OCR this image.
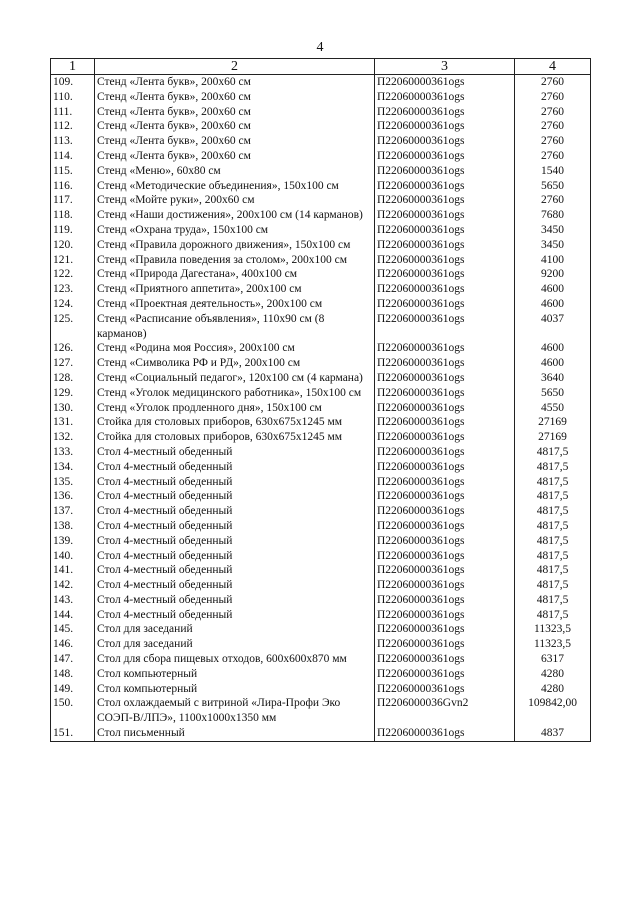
4
1	2	3	4
109.	Стенд «Лента букв», 200х60 см	П22060000361ogs	2760
110.	Стенд «Лента букв», 200х60 см	П22060000361ogs	2760
111.	Стенд «Лента букв», 200х60 см	П22060000361ogs	2760
112.	Стенд «Лента букв», 200х60 см	П22060000361ogs	2760
113.	Стенд «Лента букв», 200х60 см	П22060000361ogs	2760
114.	Стенд «Лента букв», 200х60 см	П22060000361ogs	2760
115.	Стенд «Меню», 60х80 см	П22060000361ogs	1540
116.	Стенд «Методические объединения», 150х100 см	П22060000361ogs	5650
117.	Стенд «Мойте руки», 200х60 см	П22060000361ogs	2760
118.	Стенд «Наши достижения», 200х100 см (14 карманов)	П22060000361ogs	7680
119.	Стенд «Охрана труда», 150х100 см	П22060000361ogs	3450
120.	Стенд «Правила дорожного движения», 150х100 см	П22060000361ogs	3450
121.	Стенд «Правила поведения за столом», 200х100 см	П22060000361ogs	4100
122.	Стенд «Природа Дагестана», 400х100 см	П22060000361ogs	9200
123.	Стенд «Приятного аппетита», 200х100 см	П22060000361ogs	4600
124.	Стенд «Проектная деятельность», 200х100 см	П22060000361ogs	4600
125.	Стенд «Расписание объявления», 110х90 см (8 карманов)	П22060000361ogs	4037
126.	Стенд «Родина моя Россия», 200х100 см	П22060000361ogs	4600
127.	Стенд «Символика РФ и РД», 200х100 см	П22060000361ogs	4600
128.	Стенд «Социальный педагог», 120х100 см (4 кармана)	П22060000361ogs	3640
129.	Стенд «Уголок медицинского работника», 150х100 см	П22060000361ogs	5650
130.	Стенд «Уголок продленного дня», 150х100 см	П22060000361ogs	4550
131.	Стойка для столовых приборов, 630х675х1245 мм	П22060000361ogs	27169
132.	Стойка для столовых приборов, 630х675х1245 мм	П22060000361ogs	27169
133.	Стол 4-местный обеденный	П22060000361ogs	4817,5
134.	Стол 4-местный обеденный	П22060000361ogs	4817,5
135.	Стол 4-местный обеденный	П22060000361ogs	4817,5
136.	Стол 4-местный обеденный	П22060000361ogs	4817,5
137.	Стол 4-местный обеденный	П22060000361ogs	4817,5
138.	Стол 4-местный обеденный	П22060000361ogs	4817,5
139.	Стол 4-местный обеденный	П22060000361ogs	4817,5
140.	Стол 4-местный обеденный	П22060000361ogs	4817,5
141.	Стол 4-местный обеденный	П22060000361ogs	4817,5
142.	Стол 4-местный обеденный	П22060000361ogs	4817,5
143.	Стол 4-местный обеденный	П22060000361ogs	4817,5
144.	Стол 4-местный обеденный	П22060000361ogs	4817,5
145.	Стол для заседаний	П22060000361ogs	11323,5
146.	Стол для заседаний	П22060000361ogs	11323,5
147.	Стол для сбора пищевых отходов, 600х600х870 мм	П22060000361ogs	6317
148.	Стол компьютерный	П22060000361ogs	4280
149.	Стол компьютерный	П22060000361ogs	4280
150.	Стол охлаждаемый с витриной «Лира-Профи Эко СОЭП-В/ЛПЭ», 1100х1000х1350 мм	П2206000036Gvn2	109842,00
151.	Стол письменный	П22060000361ogs	4837
